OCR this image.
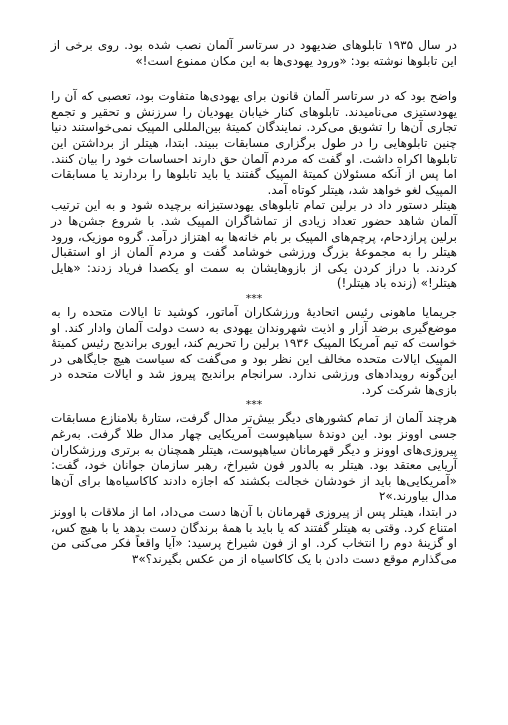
در سال ۱۹۳۵ تابلوهای ضدیهود در سرتاسر آلمان نصب شده بود. روی برخی از این تابلوها نوشته بود: «ورود یهودی‌ها به این مکان ممنوع است!»

واضح بود که در سرتاسر آلمان قانون برای یهودی‌ها متفاوت بود، تعصبی که آن را یهودستیزی می‌نامیدند. تابلوهای کنار خیابان یهودیان را سرزنش و تحقیر و تجمع تجاری آن‌ها را تشویق می‌کرد. نمایندگان کمیتهٔ بین‌المللی المپیک نمی‌خواستند دنیا چنین تابلوهایی را در طول برگزاری مسابقات ببیند. ابتدا، هیتلر از برداشتن این تابلوها اکراه داشت. او گفت که مردم آلمان حق دارند احساسات خود را بیان کنند. اما پس از آنکه مسئولان کمیتهٔ المپیک گفتند یا باید تابلوها را بردارند یا مسابقات المپیک لغو خواهد شد، هیتلر کوتاه آمد.

هیتلر دستور داد در برلین تمام تابلوهای یهودستیزانه برچیده شود و به این ترتیب آلمان شاهد حضور تعداد زیادی از تماشاگران المپیک شد. با شروع جشن‌ها در برلین پرازدحام، پرچم‌های المپیک بر بام خانه‌ها به اهتزاز درآمد. گروه موزیک، ورود هیتلر را به مجموعهٔ بزرگ ورزشی خوشامد گفت و مردم آلمان از او استقبال کردند. با دراز کردن یکی از بازوهایشان به سمت او یکصدا فریاد زدند: «هایل هیتلر!» (زنده باد هیتلر!)

***

جریمایا ماهونی رئیس اتحادیهٔ ورزشکاران آماتور، کوشید تا ایالات متحده را به موضع‌گیری برضد آزار و اذیت شهروندان یهودی به دست دولت آلمان وادار کند. او خواست که تیم آمریکا المپیک ۱۹۳۶ برلین را تحریم کند، ایوری براندیج رئیس کمیتهٔ المپیک ایالات متحده مخالف این نظر بود و می‌گفت که سیاست هیچ جایگاهی در این‌گونه رویدادهای ورزشی ندارد. سرانجام براندیج پیروز شد و ایالات متحده در بازی‌ها شرکت کرد.

***

هرچند آلمان از تمام کشورهای دیگر بیش‌تر مدال گرفت، ستارهٔ بلامنازع مسابقات جسی اوونز بود. این دوندهٔ سیاهپوست آمریکایی چهار مدال طلا گرفت. به‌رغم پیروزی‌های اوونز و دیگر قهرمانان سیاهپوست، هیتلر همچنان به برتری ورزشکاران آریایی معتقد بود. هیتلر به بالدور فون شیراخ، رهبر سازمان جوانان خود، گفت: «آمریکایی‌ها باید از خودشان خجالت بکشند که اجازه دادند کاکاسیاه‌ها برای آن‌ها مدال بیاورند.»۲

در ابتدا، هیتلر پس از پیروزی قهرمانان با آن‌ها دست می‌داد، اما از ملاقات با اوونز امتناع کرد. وقتی به هیتلر گفتند که یا باید با همهٔ برندگان دست بدهد یا با هیچ کس، او گزینهٔ دوم را انتخاب کرد. او از فون شیراخ پرسید: «آیا واقعاً فکر می‌کنی من می‌گذارم موقع دست دادن با یک کاکاسیاه از من عکس بگیرند؟»۳
